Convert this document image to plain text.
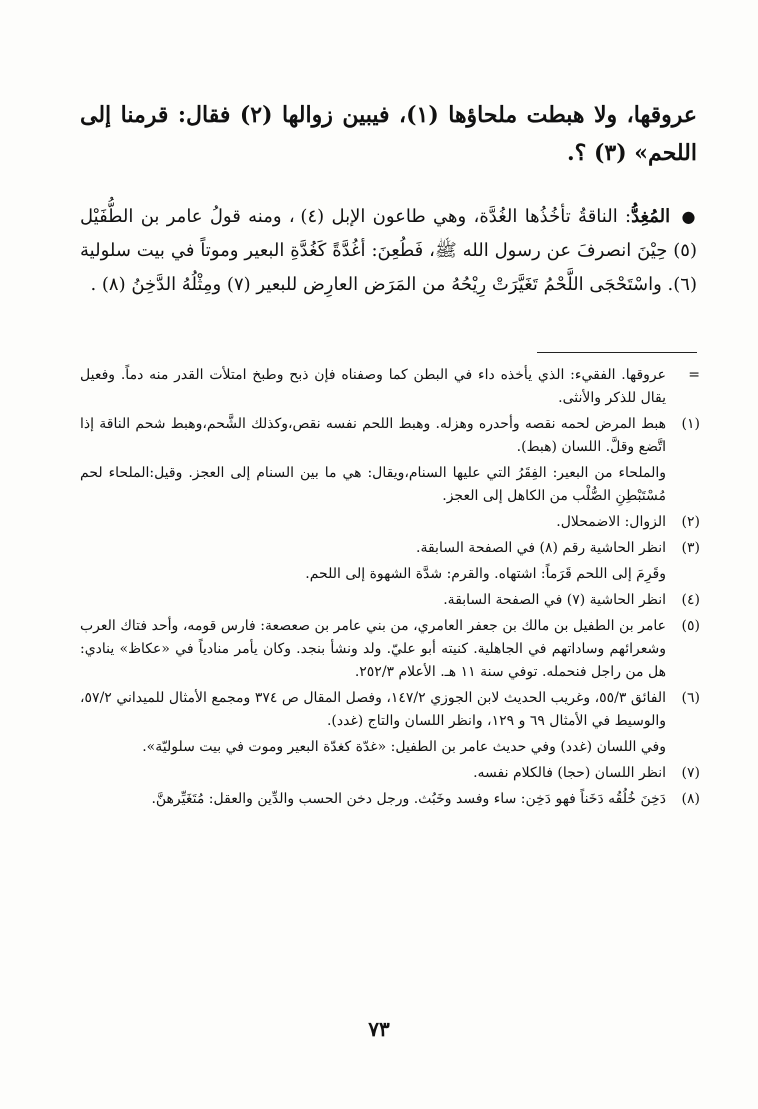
عروقها، ولا هبطت ملحاؤها (١)، فيبين زوالها (٢) فقال: قرمنا إلى اللحم» (٣) ؟.
● المُغِدُّ: الناقةُ تأخُذُها الغُدَّة، وهي طاعون الإبل (٤) ، ومنه قولُ عامر بن الطُّفَيْل (٥) حِيْنَ انصرفَ عن رسول الله ﷺ، فَطُعِنَ: أغُدَّةً كَغُدَّةِ البعير وموتاً في بيت سلولية (٦). واسْتَحْجَى اللَّحْمُ تَغَيَّرَتْ رِيْحُهُ من المَرَض العارِض للبعير (٧) ومِثْلُهُ الدَّخِنُ (٨) .
=
عروقها. الفقيء: الذي يأخذه داء في البطن كما وصفناه فإن ذبح وطبخ امتلأت القدر منه دماً. وفعيل يقال للذكر والأنثى.
(١)
هبط المرض لحمه نقصه وأحدره وهزله. وهبط اللحم نفسه نقص،وكذلك الشَّحم،وهبط شحم الناقة إذا اتَّضع وقلَّ. اللسان (هبط).
والملحاء من البعير: الفِقَرُ التي عليها السنام،ويقال: هي ما بين السنام إلى العجز. وقيل:الملحاء لحم مُسْتَبْطِنِ الصُّلْب من الكاهل إلى العجز.
(٢)
الزوال: الاضمحلال.
(٣)
انظر الحاشية رقم (٨) في الصفحة السابقة.
وقَرِمَ إلى اللحم قَرَماً: اشتهاه. والقرم: شدَّة الشهوة إلى اللحم.
(٤)
انظر الحاشية (٧) في الصفحة السابقة.
(٥)
عامر بن الطفيل بن مالك بن جعفر العامري، من بني عامر بن صعصعة: فارس قومه، وأحد فتاك العرب وشعرائهم وساداتهم في الجاهلية. كنيته أبو عليّ. ولد ونشأ بنجد. وكان يأمر منادياً في «عكاظ» ينادي: هل من راجل فنحمله. توفي سنة ١١ هـ. الأعلام ٢٥٢/٣.
(٦)
الفائق ٥٥/٣، وغريب الحديث لابن الجوزي ١٤٧/٢، وفصل المقال ص ٣٧٤ ومجمع الأمثال للميداني ٥٧/٢، والوسيط في الأمثال ٦٩ و ١٢٩، وانظر اللسان والتاج (غدد).
وفي اللسان (غدد) وفي حديث عامر بن الطفيل: «غدّة كغدّة البعير وموت في بيت سلوليّة».
(٧)
انظر اللسان (حجا) فالكلام نفسه.
(٨)
دَخِنَ خُلُقُه دَخَناً فهو دَخِن: ساء وفسد وخَبُث. ورجل دخن الحسب والدِّين والعقل: مُتَغَيِّرهنَّ.
٧٣
